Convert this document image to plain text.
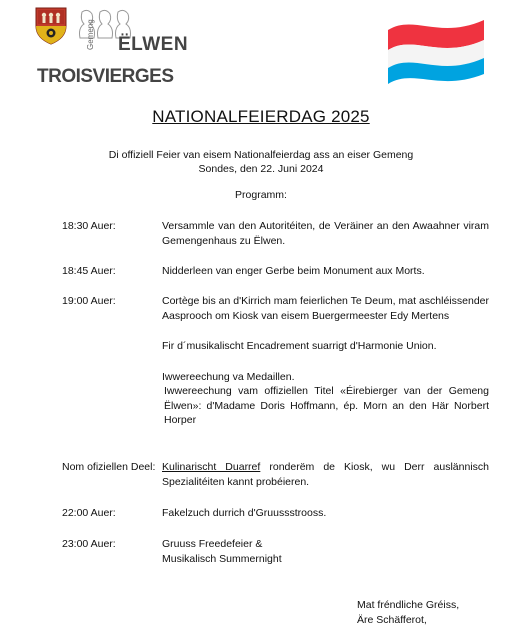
Gemeng ËLWEN
TROISVIERGES
NATIONALFEIERDAG 2025
Di offiziell Feier van eisem Nationalfeierdag ass an eiser Gemeng
Sondes, den 22. Juni 2024
Programm:
18:30 Auer:	Versammle van den Autoritéiten, de Veräiner an den Awaahner viram Gemengenhaus zu Ëlwen.

18:45 Auer:	Nidderleen van enger Gerbe beim Monument aux Morts.

19:00 Auer:	Cortège bis an d'Kirrich mam feierlichen Te Deum, mat aschléissender Aasprooch om Kiosk van eisem Buergermeester Edy Mertens

Fir d´musikalischt Encadrement suarrigt d'Harmonie Union.

Iwwereechung va Medaillen.

Iwwereechung vam offiziellen Titel «Éirebierger van der Gemeng Ëlwen»: d'Madame Doris Hoffmann, ép. Morn an den Här Norbert Horper

Nom ofiziellen Deel: Kulinarischt Duarref ronderëm de Kiosk, wu Derr auslännisch Spezialitéiten kannt probéieren.

22:00 Auer:	Fakelzuch durrich d'Gruussstrooss.

23:00 Auer:	Gruuss Freedefeier &

Musikalisch Summernight

Mat fréndliche Gréiss,
Äre Schäfferot,
